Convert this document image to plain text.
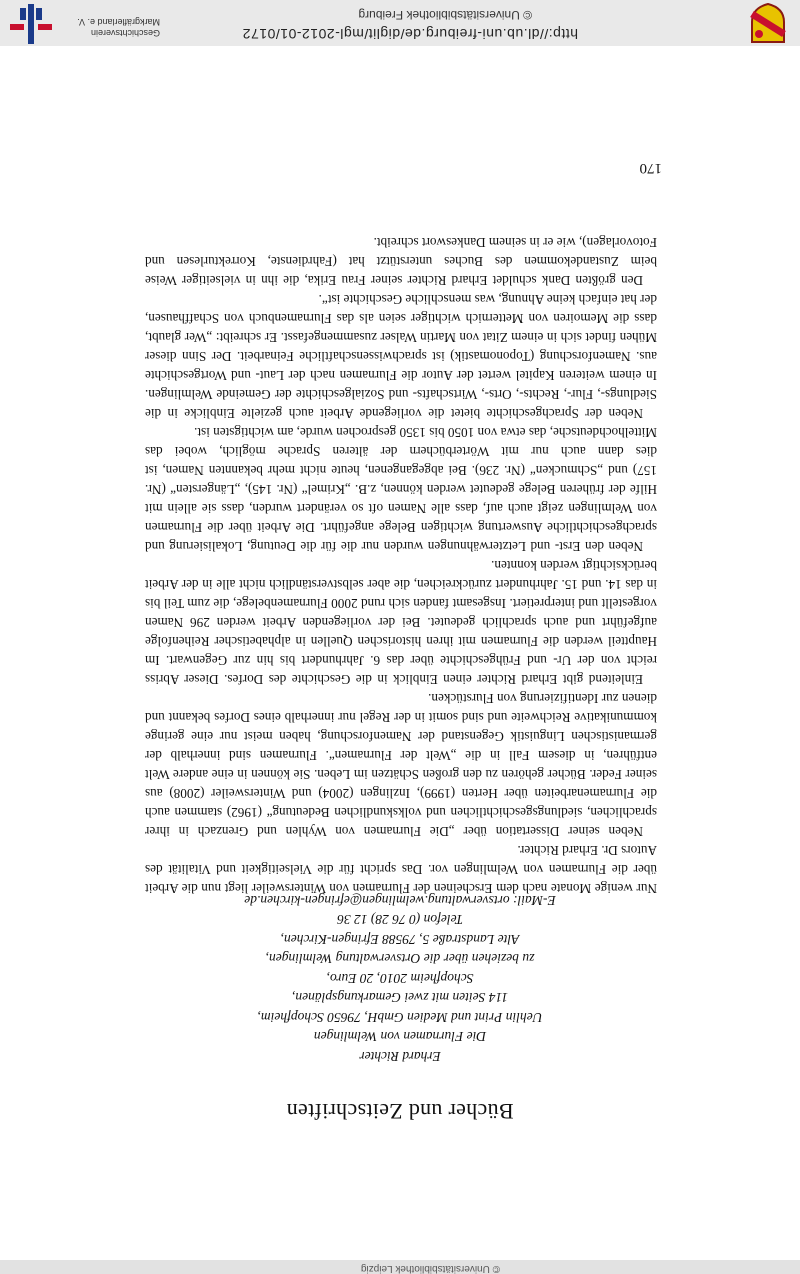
© Universitätsbibliothek Leipzig
Bücher und Zeitschriften
Erhard Richter
Die Flurnamen von Welmlingen
Uehlin Print und Medien GmbH, 79650 Schopfheim,
114 Seiten mit zwei Gemarkungsplänen,
Schopfheim 2010, 20 Euro,
zu beziehen über die Ortsverwaltung Welmlingen,
Alte Landstraße 5, 79588 Efringen-Kirchen,
Telefon (0 76 28) 12 36
E-Mail: ortsverwaltung.welmlingen@efringen-kirchen.de

Nur wenige Monate nach dem Erscheinen der Flurnamen von Wintersweiler liegt nun die Arbeit über die Flurnamen von Welmlingen vor. Das spricht für die Vielseitigkeit und Vitalität des Autors Dr. Erhard Richter.

Neben seiner Dissertation über „Die Flurnamen von Wyhlen und Grenzach in ihrer sprachlichen, siedlungsgeschichtlichen und volkskundlichen Bedeutung“ (1962) stammen auch die Flurnamenarbeiten über Herten (1999), Inzlingen (2004) und Wintersweiler (2008) aus seiner Feder. Bücher gehören zu den großen Schätzen im Leben. Sie können in eine andere Welt entführen, in diesem Fall in die „Welt der Flurnamen“. Flurnamen sind innerhalb der germanistischen Linguistik Gegenstand der Namenforschung, haben meist nur eine geringe kommunikative Reichweite und sind somit in der Regel nur innerhalb eines Dorfes bekannt und dienen zur Identifizierung von Flurstücken.

Einleitend gibt Erhard Richter einen Einblick in die Geschichte des Dorfes. Dieser Abriss reicht von der Ur- und Frühgeschichte über das 6. Jahrhundert bis hin zur Gegenwart. Im Hauptteil werden die Flurnamen mit ihren historischen Quellen in alphabetischer Reihenfolge aufgeführt und auch sprachlich gedeutet. Bei der vorliegenden Arbeit werden 296 Namen vorgestellt und interpretiert. Insgesamt fanden sich rund 2000 Flurnamenbelege, die zum Teil bis in das 14. und 15. Jahrhundert zurückreichen, die aber selbstverständlich nicht alle in der Arbeit berücksichtigt werden konnten.

Neben den Erst- und Letzterwähnungen wurden nur die für die Deutung, Lokalisierung und sprachgeschichtliche Auswertung wichtigen Belege angeführt. Die Arbeit über die Flurnamen von Welmlingen zeigt auch auf, dass alle Namen oft so verändert wurden, dass sie allein mit Hilfe der früheren Belege gedeutet werden können, z.B. „Krimel“ (Nr. 145), „Längersten“ (Nr. 157) und „Schmucken“ (Nr. 236). Bei abgegangenen, heute nicht mehr bekannten Namen, ist dies dann auch nur mit Wörterbüchern der älteren Sprache möglich, wobei das Mittelhochdeutsche, das etwa von 1050 bis 1350 gesprochen wurde, am wichtigsten ist.

Neben der Sprachgeschichte bietet die vorliegende Arbeit auch gezielte Einblicke in die Siedlungs-, Flur-, Rechts-, Orts-, Wirtschafts- und Sozialgeschichte der Gemeinde Welmlingen. In einem weiteren Kapitel wertet der Autor die Flurnamen nach der Laut- und Wortgeschichte aus. Namenforschung (Toponomastik) ist sprachwissenschaftliche Feinarbeit. Der Sinn dieser Mühen findet sich in einem Zitat von Martin Walser zusammengefasst. Er schreibt: „Wer glaubt, dass die Memoiren von Metternich wichtiger seien als das Flurnamenbuch von Schaffhausen, der hat einfach keine Ahnung, was menschliche Geschichte ist“.

Den größten Dank schuldet Erhard Richter seiner Frau Erika, die ihn in vielseitiger Weise beim Zustandekommen des Buches unterstützt hat (Fahrdienste, Korrekturlesen und Fotovorlagen), wie er in seinem Dankeswort schreibt.

170
http://dl.ub.uni-freiburg.de/diglit/mgl-2012-01/0172
© Universitätsbibliothek Freiburg
Geschichtsverein Markgräflerland e. V.
